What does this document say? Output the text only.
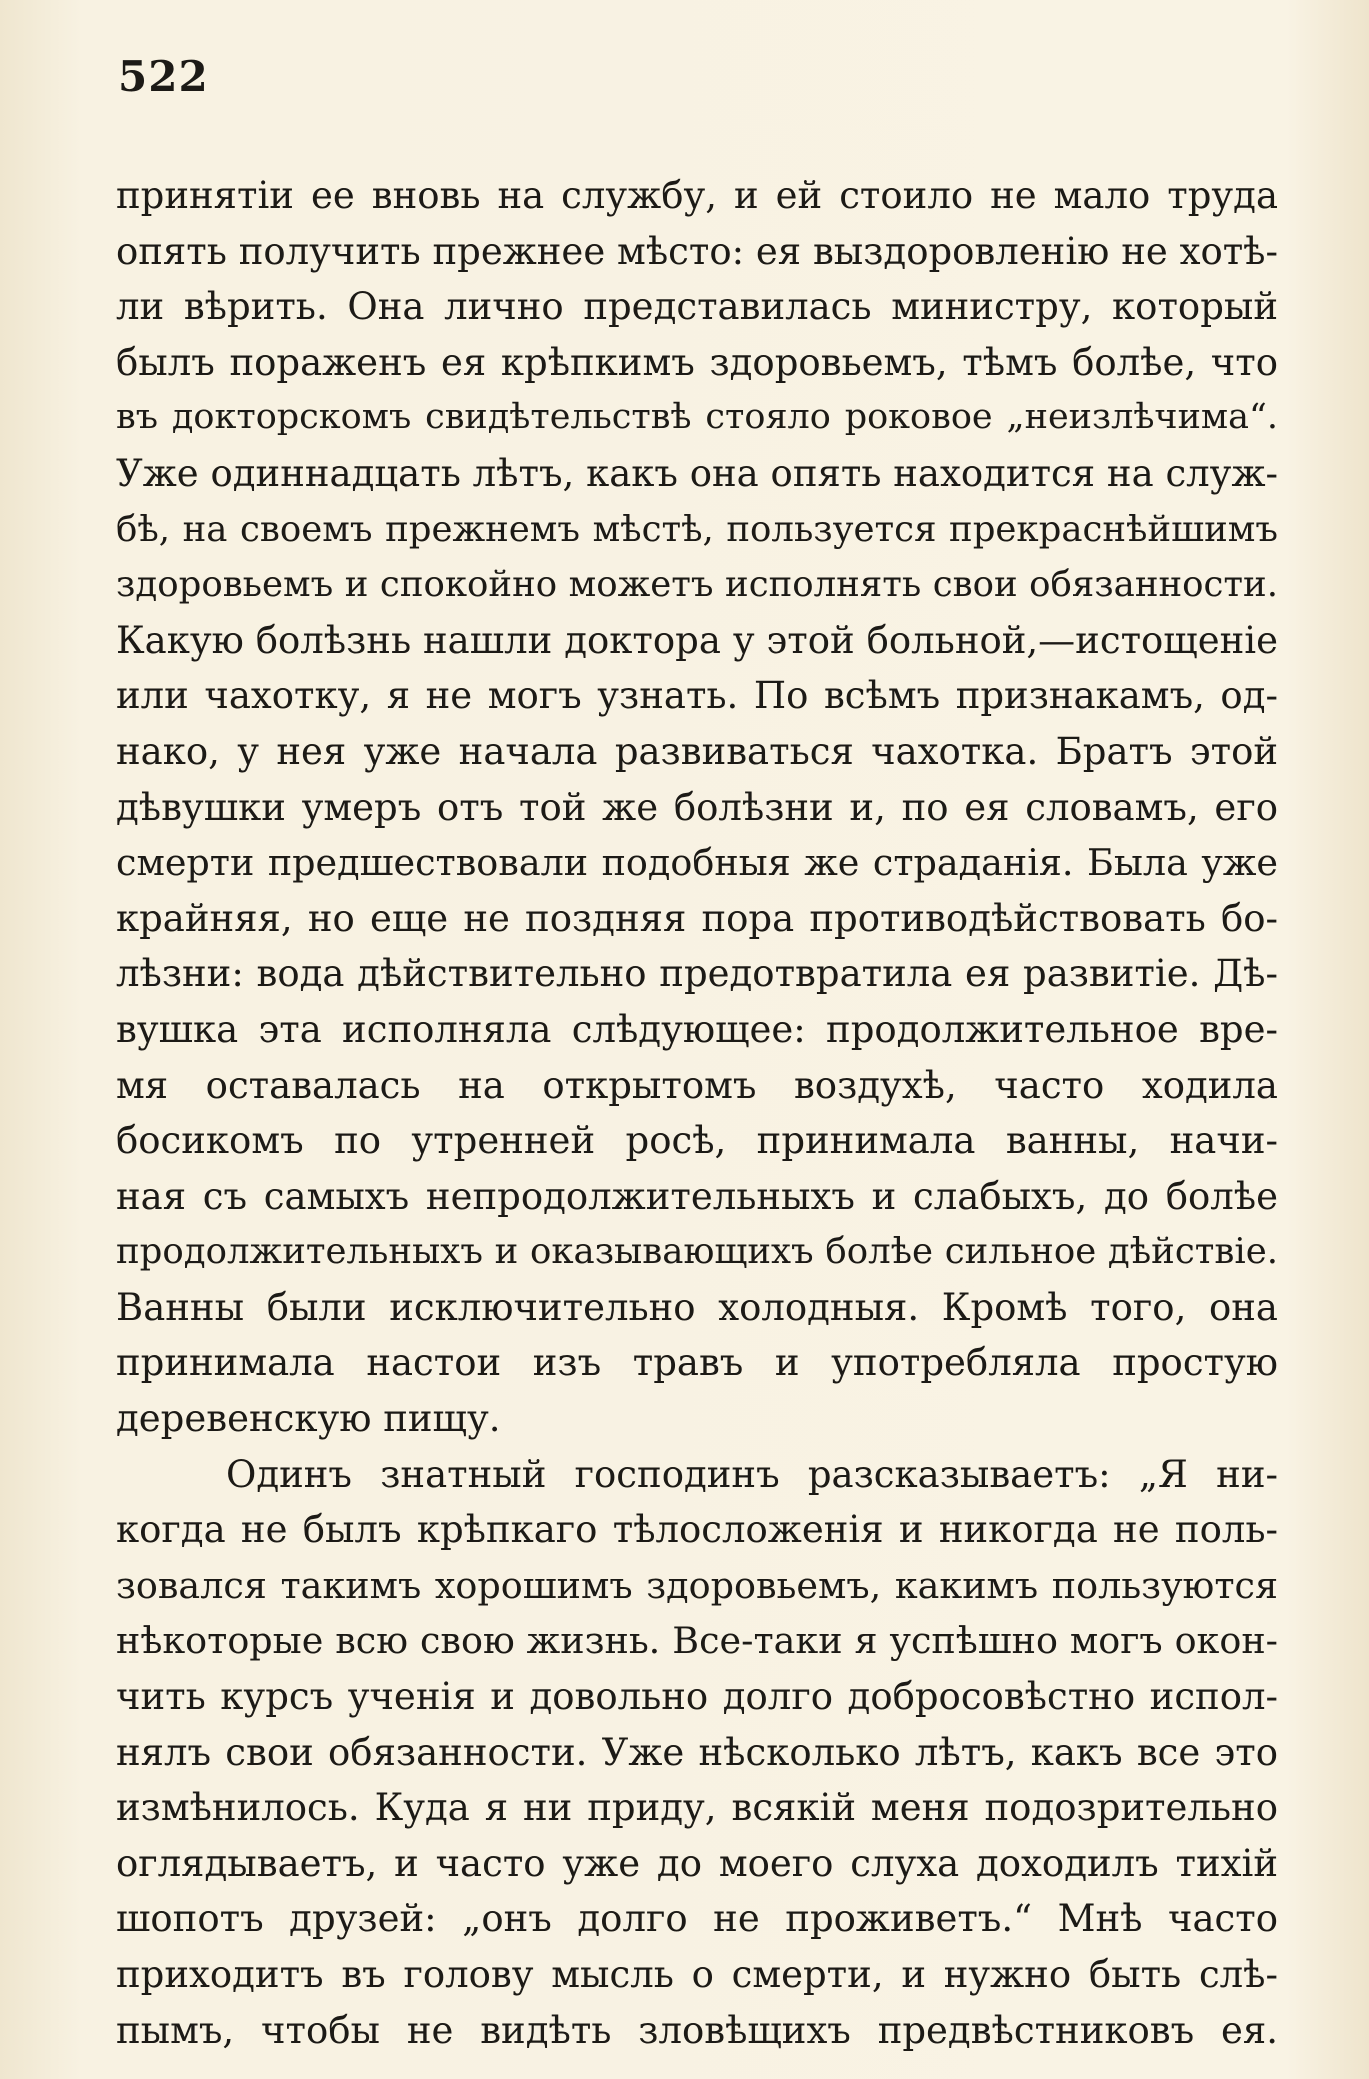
522
принятіи ее вновь на службу, и ей стоило не мало труда
опять получить прежнее мѣсто: ея выздоровленію не хотѣ-
ли вѣрить. Она лично представилась министру, который
былъ пораженъ ея крѣпкимъ здоровьемъ, тѣмъ болѣе, что
въ докторскомъ свидѣтельствѣ стояло роковое „неизлѣчима“.
Уже одиннадцать лѣтъ, какъ она опять находится на служ-
бѣ, на своемъ прежнемъ мѣстѣ, пользуется прекраснѣйшимъ
здоровьемъ и спокойно можетъ исполнять свои обязанности.
Какую болѣзнь нашли доктора у этой больной,—истощеніе
или чахотку, я не могъ узнать. По всѣмъ признакамъ, од-
нако, у нея уже начала развиваться чахотка. Братъ этой
дѣвушки умеръ отъ той же болѣзни и, по ея словамъ, его
смерти предшествовали подобныя же страданія. Была уже
крайняя, но еще не поздняя пора противодѣйствовать бо-
лѣзни: вода дѣйствительно предотвратила ея развитіе. Дѣ-
вушка эта исполняла слѣдующее: продолжительное вре-
мя оставалась на открытомъ воздухѣ, часто ходила
босикомъ по утренней росѣ, принимала ванны, начи-
ная съ самыхъ непродолжительныхъ и слабыхъ, до болѣе
продолжительныхъ и оказывающихъ болѣе сильное дѣйствіе.
Ванны были исключительно холодныя. Кромѣ того, она
принимала настои изъ травъ и употребляла простую
деревенскую пищу.
Одинъ знатный господинъ разсказываетъ: „Я ни-
когда не былъ крѣпкаго тѣлосложенія и никогда не поль-
зовался такимъ хорошимъ здоровьемъ, какимъ пользуются
нѣкоторые всю свою жизнь. Все-таки я успѣшно могъ окон-
чить курсъ ученія и довольно долго добросовѣстно испол-
нялъ свои обязанности. Уже нѣсколько лѣтъ, какъ все это
измѣнилось. Куда я ни приду, всякій меня подозрительно
оглядываетъ, и часто уже до моего слуха доходилъ тихій
шопотъ друзей: „онъ долго не проживетъ.“ Мнѣ часто
приходитъ въ голову мысль о смерти, и нужно быть слѣ-
пымъ, чтобы не видѣть зловѣщихъ предвѣстниковъ ея.
